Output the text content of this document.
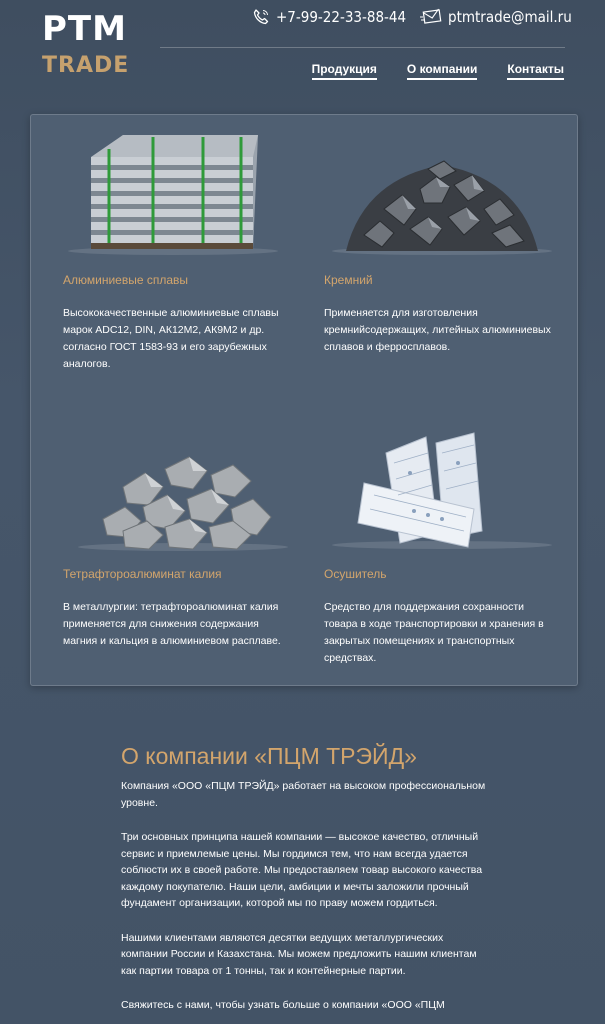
PTM
TRADE
+7-99-22-33-88-44	ptmtrade@mail.ru
Продукция	О компании	Контакты
Алюминиевые сплавы
Высококачественные алюминиевые сплавы марок ADC12, DIN, АК12М2, АК9М2 и др. согласно ГОСТ 1583-93 и его зарубежных аналогов.
Кремний
Применяется для изготовления кремнийсодержащих, литейных алюминиевых сплавов и ферросплавов.
Тетрафтороалюминат калия
В металлургии: тетрафтороалюминат калия применяется для снижения содержания магния и кальция в алюминиевом расплаве.
Осушитель
Средство для поддержания сохранности товара в ходе транспортировки и хранения в закрытых помещениях и транспортных средствах.
О компании «ПЦМ ТРЭЙД»

Компания «ООО «ПЦМ ТРЭЙД» работает на высоком профессиональном уровне.

Три основных принципа нашей компании — высокое качество, отличный сервис и приемлемые цены. Мы гордимся тем, что нам всегда удается соблюсти их в своей работе. Мы предоставляем товар высокого качества каждому покупателю. Наши цели, амбиции и мечты заложили прочный фундамент организации, которой мы по праву можем гордиться.

Нашими клиентами являются десятки ведущих металлургических компании России и Казахстана. Мы можем предложить нашим клиентам как партии товара от 1 тонны, так и контейнерные партии.

Свяжитесь с нами, чтобы узнать больше о компании «ООО «ПЦМ
